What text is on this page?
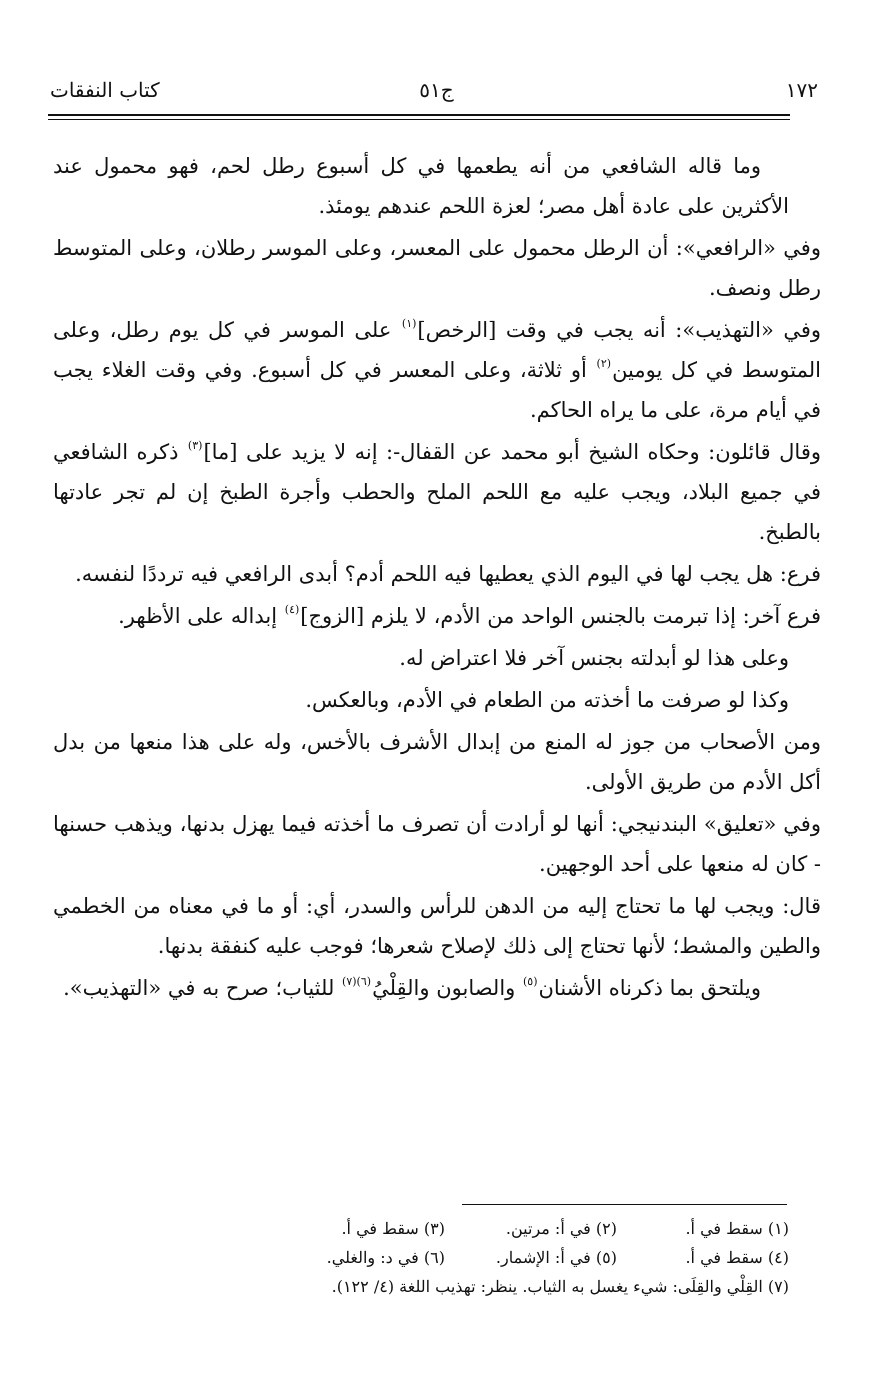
١٧٢
ج٥١
كتاب النفقات

وما قاله الشافعي من أنه يطعمها في كل أسبوع رطل لحم، فهو محمول عند الأكثرين على عادة أهل مصر؛ لعزة اللحم عندهم يومئذ.

وفي «الرافعي»: أن الرطل محمول على المعسر، وعلى الموسر رطلان، وعلى المتوسط رطل ونصف.

وفي «التهذيب»: أنه يجب في وقت [الرخص]$^{(١)}$ على الموسر في كل يوم رطل، وعلى المتوسط في كل يومين$^{(٢)}$ أو ثلاثة، وعلى المعسر في كل أسبوع. وفي وقت الغلاء يجب في أيام مرة، على ما يراه الحاكم.

وقال قائلون: وحكاه الشيخ أبو محمد عن القفال-: إنه لا يزيد على [ما]$^{(٣)}$ ذكره الشافعي في جميع البلاد، ويجب عليه مع اللحم الملح والحطب وأجرة الطبخ إن لم تجر عادتها بالطبخ.

فرع: هل يجب لها في اليوم الذي يعطيها فيه اللحم أدم؟ أبدى الرافعي فيه ترددًا لنفسه.

فرع آخر: إذا تبرمت بالجنس الواحد من الأدم، لا يلزم [الزوج]$^{(٤)}$ إبداله على الأظهر.

وعلى هذا لو أبدلته بجنس آخر فلا اعتراض له.

وكذا لو صرفت ما أخذته من الطعام في الأدم، وبالعكس.

ومن الأصحاب من جوز له المنع من إبدال الأشرف بالأخس، وله على هذا منعها من بدل أكل الأدم من طريق الأولى.

وفي «تعليق» البندنيجي: أنها لو أرادت أن تصرف ما أخذته فيما يهزل بدنها، ويذهب حسنها - كان له منعها على أحد الوجهين.

قال: ويجب لها ما تحتاج إليه من الدهن للرأس والسدر، أي: أو ما في معناه من الخطمي والطين والمشط؛ لأنها تحتاج إلى ذلك لإصلاح شعرها؛ فوجب عليه كنفقة بدنها.

ويلتحق بما ذكرناه الأشنان$^{(٥)}$ والصابون والقِلْيُ$^{(٦)(٧)}$ للثياب؛ صرح به في «التهذيب».

(١) سقط في أ.
(٢) في أ: مرتين.
(٣) سقط في أ.
(٤) سقط في أ.
(٥) في أ: الإشمار.
(٦) في د: والغلي.
(٧) القِلْي والقِلَى: شيء يغسل به الثياب. ينظر: تهذيب اللغة (٤/ ١٢٢).
